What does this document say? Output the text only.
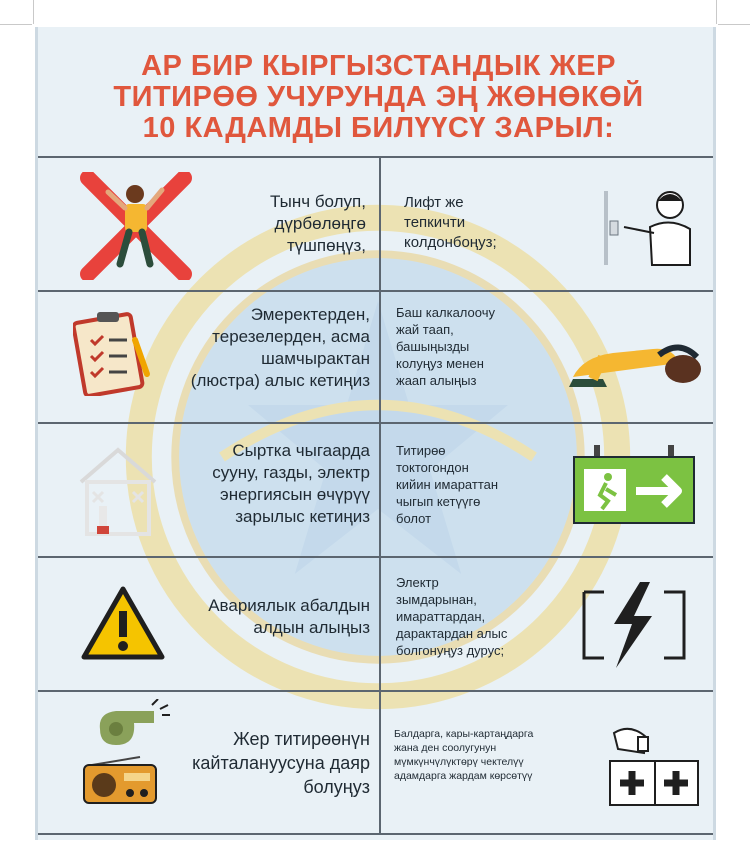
АР БИР КЫРГЫЗСТАНДЫК ЖЕР
ТИТИРӨӨ УЧУРУНДА ЭҢ ЖӨНӨКӨЙ
10 КАДАМДЫ БИЛҮҮСҮ ЗАРЫЛ:
Тынч болуп,
дүрбөлөңгө
түшпөңүз,
Лифт же
тепкичти
колдонбоңуз;
Эмеректерден,
терезелерден, асма
шамчырактан
(люстра) алыс кетиңиз
Баш калкалоочу
жай таап,
башыңызды
колуңуз менен
жаап алыңыз
Сыртка чыгаарда
сууну, газды, электр
энергиясын өчүрүү
зарылыс кетиңиз
Титирөө
токтогондон
кийин имараттан
чыгып кетүүгө
болот
Авариялык абалдын
алдын алыңыз
Электр
зымдарынан,
имараттардан,
дарактардан алыс
болгонуңуз дурус;
Жер титирөөнүн
кайталануусуна даяр
болуңуз
Балдарга, кары-картаңдарга
жана ден соолугунун
мүмкүнчүлүктөрү чектелүү
адамдарга жардам көрсөтүү
